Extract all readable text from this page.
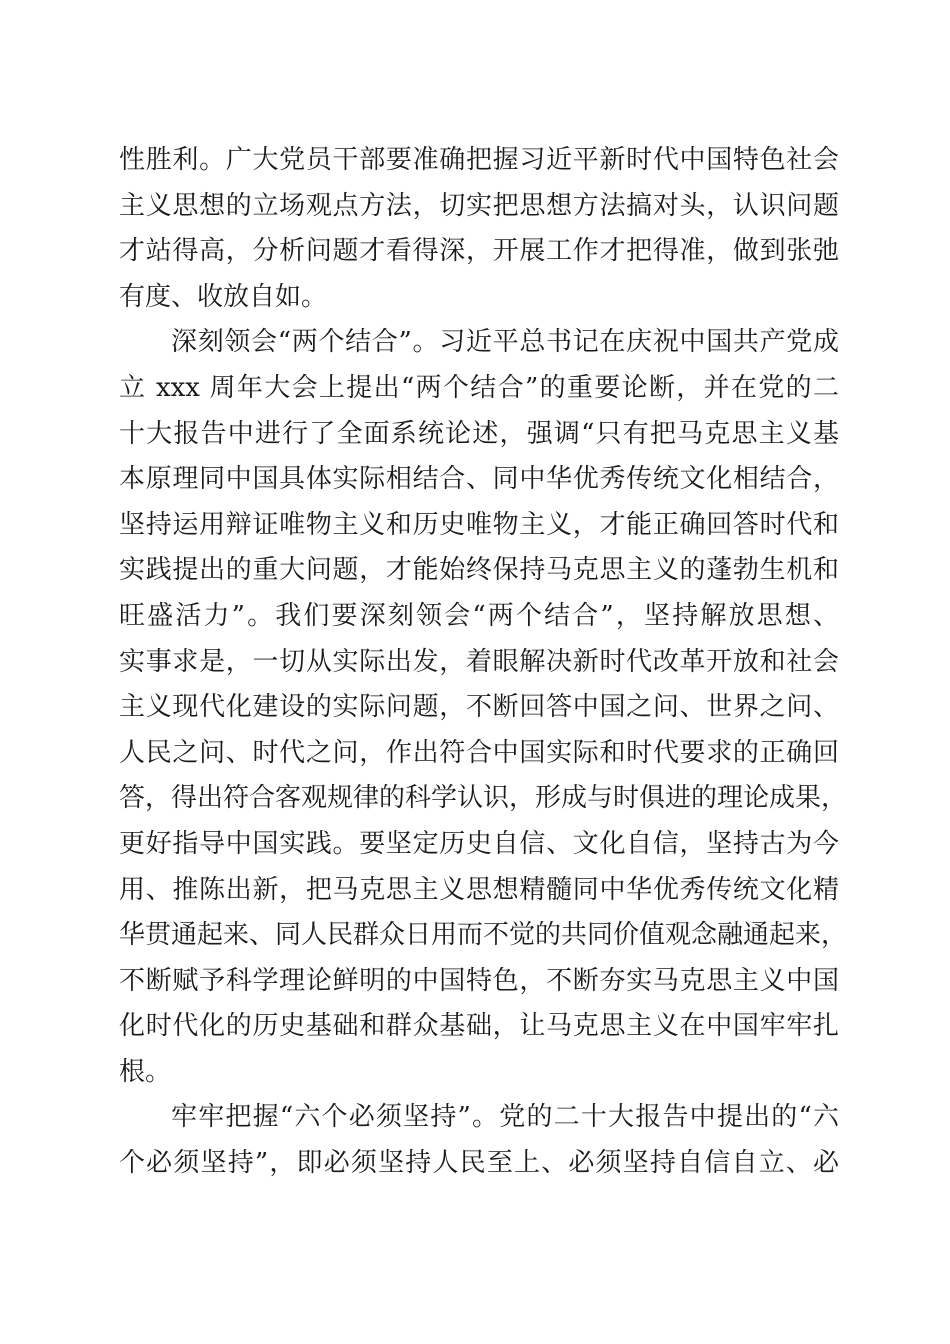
性胜利。广大党员干部要准确把握习近平新时代中国特色社会
主义思想的立场观点方法，切实把思想方法搞对头，认识问题
才站得高，分析问题才看得深，开展工作才把得准，做到张弛
有度、收放自如。
深刻领会“两个结合”。习近平总书记在庆祝中国共产党成
立 xxx 周年大会上提出“两个结合”的重要论断，并在党的二
十大报告中进行了全面系统论述，强调“只有把马克思主义基
本原理同中国具体实际相结合、同中华优秀传统文化相结合，
坚持运用辩证唯物主义和历史唯物主义，才能正确回答时代和
实践提出的重大问题，才能始终保持马克思主义的蓬勃生机和
旺盛活力”。我们要深刻领会“两个结合”，坚持解放思想、
实事求是，一切从实际出发，着眼解决新时代改革开放和社会
主义现代化建设的实际问题，不断回答中国之问、世界之问、
人民之问、时代之问，作出符合中国实际和时代要求的正确回
答，得出符合客观规律的科学认识，形成与时俱进的理论成果，
更好指导中国实践。要坚定历史自信、文化自信，坚持古为今
用、推陈出新，把马克思主义思想精髓同中华优秀传统文化精
华贯通起来、同人民群众日用而不觉的共同价值观念融通起来，
不断赋予科学理论鲜明的中国特色，不断夯实马克思主义中国
化时代化的历史基础和群众基础，让马克思主义在中国牢牢扎
根。
牢牢把握“六个必须坚持”。党的二十大报告中提出的“六
个必须坚持”，即必须坚持人民至上、必须坚持自信自立、必
